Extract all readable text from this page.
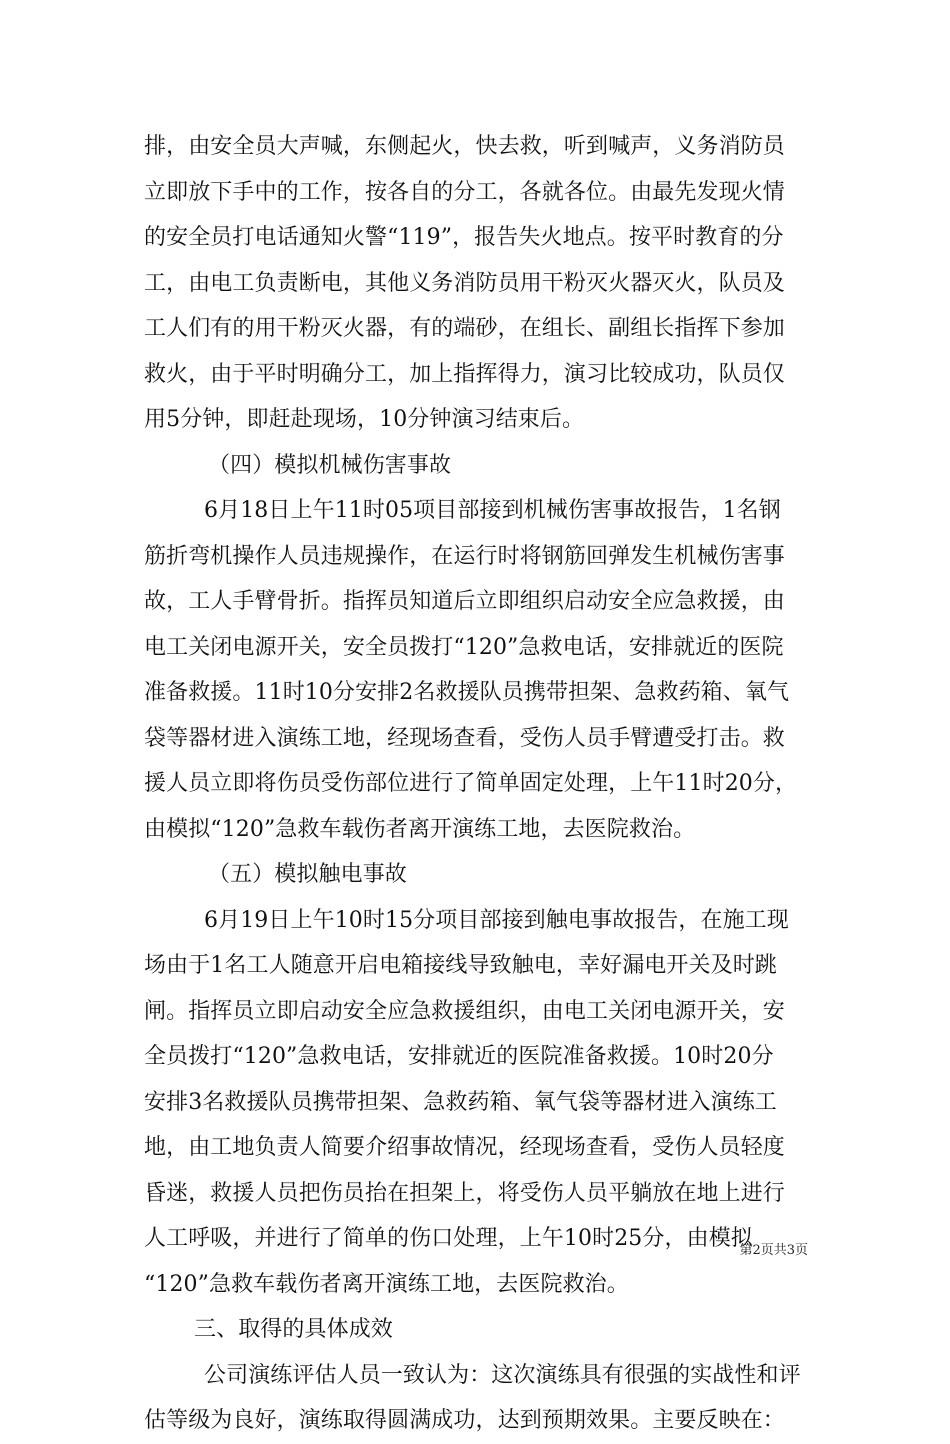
排，由安全员大声喊，东侧起火，快去救，听到喊声，义务消防员
立即放下手中的工作，按各自的分工，各就各位。由最先发现火情
的安全员打电话通知火警“119”，报告失火地点。按平时教育的分
工，由电工负责断电，其他义务消防员用干粉灭火器灭火，队员及
工人们有的用干粉灭火器，有的端砂，在组长、副组长指挥下参加
救火，由于平时明确分工，加上指挥得力，演习比较成功，队员仅
用5分钟，即赶赴现场，10分钟演习结束后。
（四）模拟机械伤害事故
6月18日上午11时05项目部接到机械伤害事故报告，1名钢
筋折弯机操作人员违规操作，在运行时将钢筋回弹发生机械伤害事
故，工人手臂骨折。指挥员知道后立即组织启动安全应急救援，由
电工关闭电源开关，安全员拨打“120”急救电话，安排就近的医院
准备救援。11时10分安排2名救援队员携带担架、急救药箱、氧气
袋等器材进入演练工地，经现场查看，受伤人员手臂遭受打击。救
援人员立即将伤员受伤部位进行了简单固定处理，上午11时20分，
由模拟“120”急救车载伤者离开演练工地，去医院救治。
（五）模拟触电事故
6月19日上午10时15分项目部接到触电事故报告，在施工现
场由于1名工人随意开启电箱接线导致触电，幸好漏电开关及时跳
闸。指挥员立即启动安全应急救援组织，由电工关闭电源开关，安
全员拨打“120”急救电话，安排就近的医院准备救援。10时20分
安排3名救援队员携带担架、急救药箱、氧气袋等器材进入演练工
地，由工地负责人简要介绍事故情况，经现场查看，受伤人员轻度
昏迷，救援人员把伤员抬在担架上，将受伤人员平躺放在地上进行
人工呼吸，并进行了简单的伤口处理，上午10时25分，由模拟
“120”急救车载伤者离开演练工地，去医院救治。
三、取得的具体成效
公司演练评估人员一致认为：这次演练具有很强的实战性和评
估等级为良好，演练取得圆满成功，达到预期效果。主要反映在：
第2页共3页
